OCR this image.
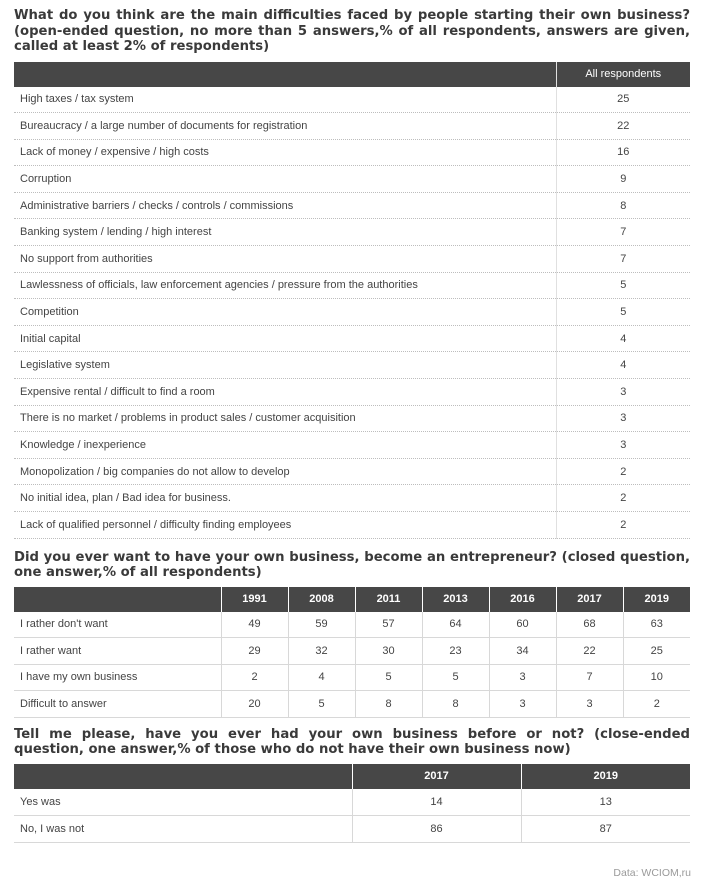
What do you think are the main difficulties faced by people starting their own business? (open-ended question, no more than 5 answers,% of all respondents, answers are given, called at least 2% of respondents)

	All respondents
High taxes / tax system	25
Bureaucracy / a large number of documents for registration	22
Lack of money / expensive / high costs	16
Corruption	9
Administrative barriers / checks / controls / commissions	8
Banking system / lending / high interest	7
No support from authorities	7
Lawlessness of officials, law enforcement agencies / pressure from the authorities	5
Competition	5
Initial capital	4
Legislative system	4
Expensive rental / difficult to find a room	3
There is no market / problems in product sales / customer acquisition	3
Knowledge / inexperience	3
Monopolization / big companies do not allow to develop	2
No initial idea, plan / Bad idea for business.	2
Lack of qualified personnel / difficulty finding employees	2

Did you ever want to have your own business, become an entrepreneur? (closed question, one answer,% of all respondents)

	1991	2008	2011	2013	2016	2017	2019
I rather don't want	49	59	57	64	60	68	63
I rather want	29	32	30	23	34	22	25
I have my own business	2	4	5	5	3	7	10
Difficult to answer	20	5	8	8	3	3	2

Tell me please, have you ever had your own business before or not? (close-ended question, one answer,% of those who do not have their own business now)

	2017	2019
Yes was	14	13
No, I was not	86	87
Data: WCIOM,ru
